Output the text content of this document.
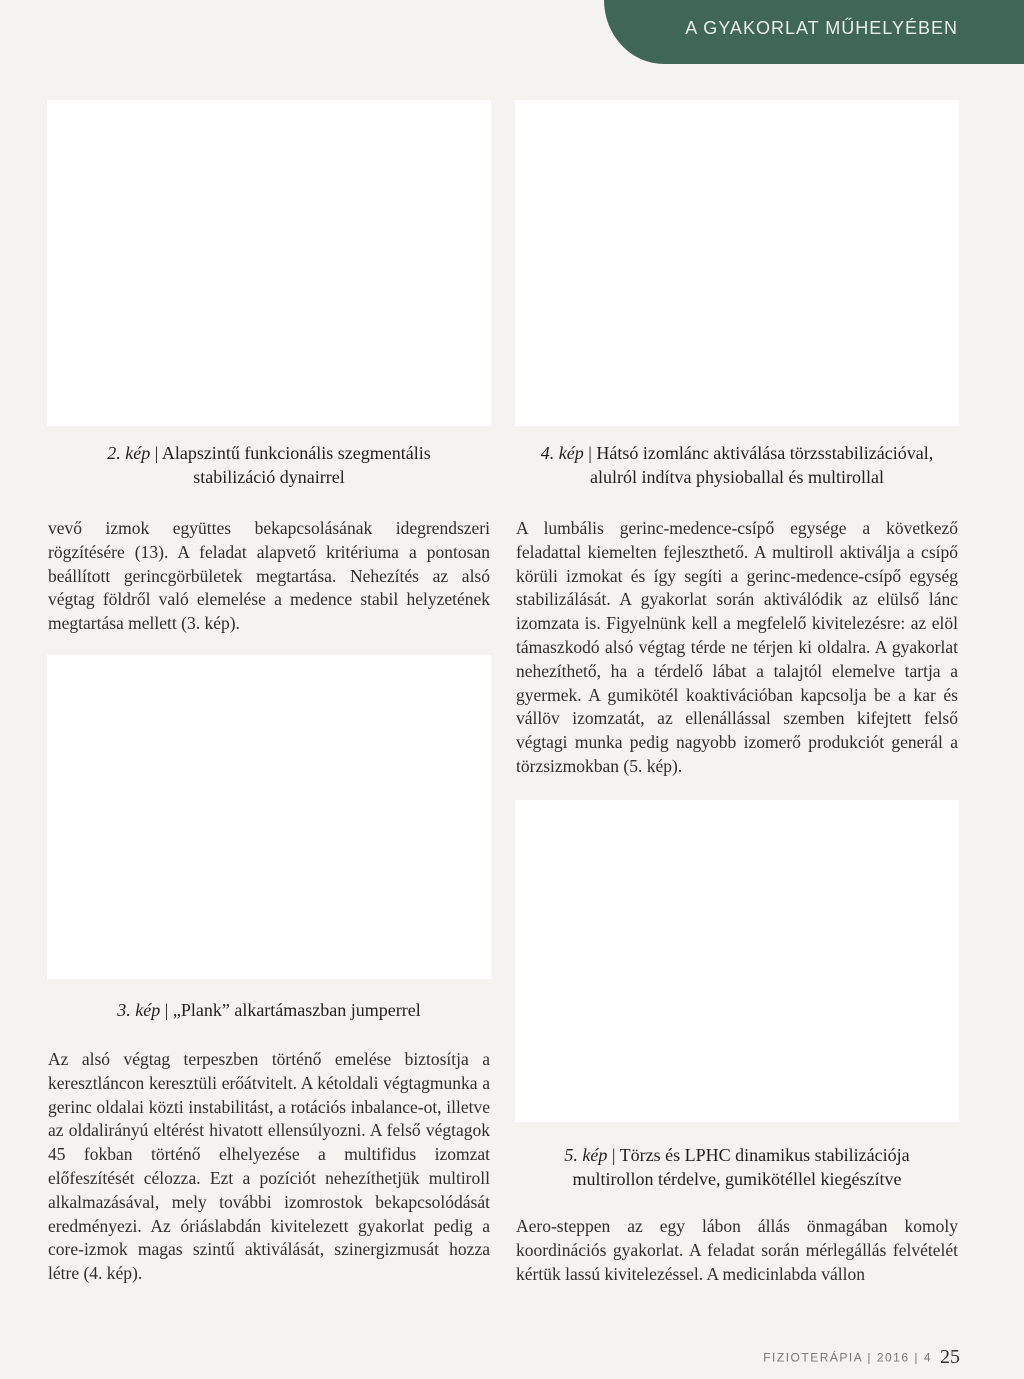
A GYAKORLAT MŰHELYÉBEN
2. kép | Alapszintű funkcionális szegmentális
stabilizáció dynairrel

vevő izmok együttes bekapcsolásának idegrendszeri rögzítésére (13). A feladat alapvető kritériuma a pontosan beállított gerincgörbületek megtartása. Nehezítés az alsó végtag földről való elemelése a medence stabil helyzetének megtartása mellett (3. kép).

3. kép | „Plank” alkartámaszban jumperrel

Az alsó végtag terpeszben történő emelése biztosítja a keresztláncon keresztüli erőátvitelt. A kétoldali végtagmunka a gerinc oldalai közti instabilitást, a rotációs inbalance-ot, illetve az oldalirányú eltérést hivatott ellensúlyozni. A felső végtagok 45 fokban történő elhelyezése a multifidus izomzat előfeszítését célozza. Ezt a pozíciót nehezíthetjük multiroll alkalmazásával, mely további izomrostok bekapcsolódását eredményezi. Az óriáslabdán kivitelezett gyakorlat pedig a core-izmok magas szintű aktiválását, szinergizmusát hozza létre (4. kép).

4. kép | Hátsó izomlánc aktiválása törzsstabilizációval,
alulról indítva physioballal és multirollal

A lumbális gerinc-medence-csípő egysége a következő feladattal kiemelten fejleszthető. A multiroll aktiválja a csípő körüli izmokat és így segíti a gerinc-medence-csípő egység stabilizálását. A gyakorlat során aktiválódik az elülső lánc izomzata is. Figyelnünk kell a megfelelő kivitelezésre: az elöl támaszkodó alsó végtag térde ne térjen ki oldalra. A gyakorlat nehezíthető, ha a térdelő lábat a talajtól elemelve tartja a gyermek. A gumikötél koaktivációban kapcsolja be a kar és vállöv izomzatát, az ellenállással szemben kifejtett felső végtagi munka pedig nagyobb izomerő produkciót generál a törzsizmokban (5. kép).

5. kép | Törzs és LPHC dinamikus stabilizációja
multirollon térdelve, gumikötéllel kiegészítve

Aero-steppen az egy lábon állás önmagában komoly koordinációs gyakorlat. A feladat során mérlegállás felvételét kértük lassú kivitelezéssel. A medicinlabda vállon

FIZIOTERÁPIA | 2016 | 4 25
